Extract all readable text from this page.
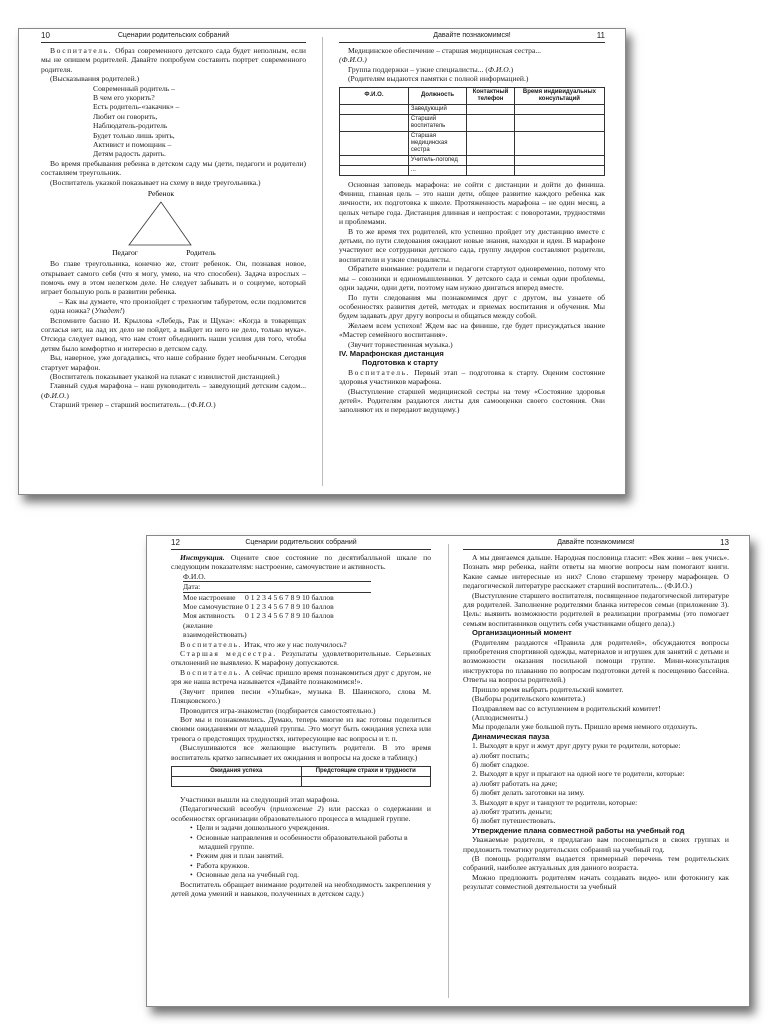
10	Сценарии родительских собраний

Воспитатель. Образ современного детского сада будет неполным, если мы не опишем родителей. Давайте попробуем составить портрет современного родителя.

(Высказывания родителей.)

Современный родитель –
В чем его укорить?
Есть родитель-«закачик» –
Любит он говорить,
Наблюдатель-родитель
Будет только лишь зрить,
Активист и помощник –
Детям радость дарить.

Во время пребывания ребенка в детском саду мы (дети, педагоги и родители) составляем треугольник.

(Воспитатель указкой показывает на схему в виде треугольника.)

Ребенок
Педагог	Родитель

Во главе треугольника, конечно же, стоит ребенок. Он, познавая новое, открывает самого себя (что я могу, умею, на что способен). Задача взрослых – помочь ему в этом нелегком деле. Не следует забывать и о социуме, который играет большую роль в развитии ребенка.

– Как вы думаете, что произойдет с трехногим табуретом, если подломится одна ножка? (Упадет!)

Вспомните басню И. Крылова «Лебедь, Рак и Щука»: «Когда в товарищах согласья нет, на лад их дело не пойдет, а выйдет из него не дело, только мука». Отсюда следует вывод, что нам стоит объединить наши усилия для того, чтобы детям было комфортно и интересно в детском саду.

Вы, наверное, уже догадались, что наше собрание будет необычным. Сегодня стартует марафон.

(Воспитатель показывает указкой на плакат с извилистой дистанцией.)

Главный судья марафона – наш руководитель – заведующий детским садом... (Ф.И.О.)

Старший тренер – старший воспитатель... (Ф.И.О.)

Давайте познакомимся!	11

Медицинское обеспечение – старшая медицинская сестра...

(Ф.И.О.)

Группа поддержки – узкие специалисты... (Ф.И.О.)

(Родителям выдаются памятки с полной информацией.)

Ф.И.О.	Должность	Контактный телефон	Время индивидуальных консультаций
	Заведующий		
	Старший воспитатель		
	Старшая медицинская сестра		
	Учитель-логопед		
	...		

Основная заповедь марафона: не сойти с дистанции и дойти до финиша. Финиш, главная цель – это наши дети, общее развитие каждого ребенка как личности, их подготовка к школе. Протяженность марафона – не один месяц, а целых четыре года. Дистанция длинная и непростая: с поворотами, трудностями и проблемами.

В то же время тех родителей, кто успешно пройдет эту дистанцию вместе с детьми, по пути следования ожидают новые знания, находки и идеи. В марафоне участвуют все сотрудники детского сада, группу лидеров составляют родители, воспитатели и узкие специалисты.

Обратите внимание: родители и педагоги стартуют одновременно, потому что мы – союзники и единомышленники. У детского сада и семьи одни проблемы, одни задачи, одни дети, поэтому нам нужно двигаться вперед вместе.

По пути следования мы познакомимся друг с другом, вы узнаете об особенностях развития детей, методах и приемах воспитания и обучения. Мы будем задавать друг другу вопросы и общаться между собой.

Желаем всем успехов! Ждем вас на финише, где будет присуждаться звание «Мастер семейного воспитания».

(Звучит торжественная музыка.)

IV. Марафонская дистанция

Подготовка к старту

Воспитатель. Первый этап – подготовка к старту. Оценим состояние здоровья участников марафона.

(Выступление старшей медицинской сестры на тему «Состояние здоровья детей». Родителям раздаются листы для самооценки своего состояния. Они заполняют их и передают ведущему.)

12	Сценарии родительских собраний

Инструкция. Оцените свое состояние по десятибалльной шкале по следующим показателям: настроение, самочувствие и активность.

Ф.И.О.
Дата:
Мое настроение 0 1 2 3 4 5 6 7 8 9 10 баллов
Мое самочувствие 0 1 2 3 4 5 6 7 8 9 10 баллов
Моя активность 0 1 2 3 4 5 6 7 8 9 10 баллов
(желание
взаимодействовать)

Воспитатель. Итак, что же у нас получилось?

Старшая медсестра. Результаты удовлетворительные. Серьезных отклонений не выявлено. К марафону допускаются.

Воспитатель. А сейчас пришло время познакомиться друг с другом, не зря же наша встреча называется «Давайте познакомимся!».

(Звучит припев песни «Улыбка», музыка В. Шаинского, слова М. Пляцковского.)

Проводится игра-знакомство (подбирается самостоятельно.)

Вот мы и познакомились. Думаю, теперь многие из вас готовы поделиться своими ожиданиями от младшей группы. Это могут быть ожидания успеха или тревога о предстоящих трудностях, интересующие вас вопросы и т. п.

(Выслушиваются все желающие выступить родители. В это время воспитатель кратко записывает их ожидания и вопросы на доске в таблицу.)

Ожидания успеха	Предстоящие страхи и трудности

Участники вышли на следующий этап марафона.

(Педагогический всеобуч (приложение 2) или рассказ о содержании и особенностях организации образовательного процесса в младшей группе.

•  Цели и задачи дошкольного учреждения.

•  Основные направления и особенности образовательной работы в младшей группе.

•  Режим дня и план занятий.

•  Работа кружков.

•  Основные дела на учебный год.

Воспитатель обращает внимание родителей на необходимость закрепления у детей дома умений и навыков, полученных в детском саду.)

Давайте познакомимся!	13

А мы двигаемся дальше. Народная пословица гласит: «Век живи – век учись». Познать мир ребенка, найти ответы на многие вопросы нам помогают книги. Какие самые интересные из них? Слово старшему тренеру марафонцев. О педагогической литературе расскажет старший воспитатель... (Ф.И.О.)

(Выступление старшего воспитателя, посвященное педагогической литературе для родителей. Заполнение родителями бланка интересов семьи (приложение 3). Цель: выявить возможности родителей в реализации программы (это помогает семьям воспитанников ощутить себя участниками общего дела).)

Организационный момент

(Родителям раздаются «Правила для родителей», обсуждаются вопросы приобретения спортивной одежды, материалов и игрушек для занятий с детьми и возможности оказания посильной помощи группе. Мини-консультация инструктора по плаванию по вопросам подготовки детей к посещению бассейна. Ответы на вопросы родителей.)

Пришло время выбрать родительский комитет.

(Выборы родительского комитета.)

Поздравляем вас со вступлением в родительский комитет!

(Аплодисменты.)

Мы проделали уже большой путь. Пришло время немного отдохнуть.

Динамическая пауза

1. Выходят в круг и жмут друг другу руки те родители, которые:

а) любят поспать;

б) любят сладкое.

2. Выходят в круг и прыгают на одной ноге те родители, которые:

а) любят работать на даче;

б) любят делать заготовки на зиму.

3. Выходят в круг и танцуют те родители, которые:

а) любят тратить деньги;

б) любят путешествовать.

Утверждение плана совместной работы на учебный год

Уважаемые родители, я предлагаю вам посовещаться в своих группах и предложить тематику родительских собраний на учебный год.

(В помощь родителям выдается примерный перечень тем родительских собраний, наиболее актуальных для данного возраста.

Можно предложить родителям начать создавать видео- или фотокнигу как результат совместной деятельности за учебный
